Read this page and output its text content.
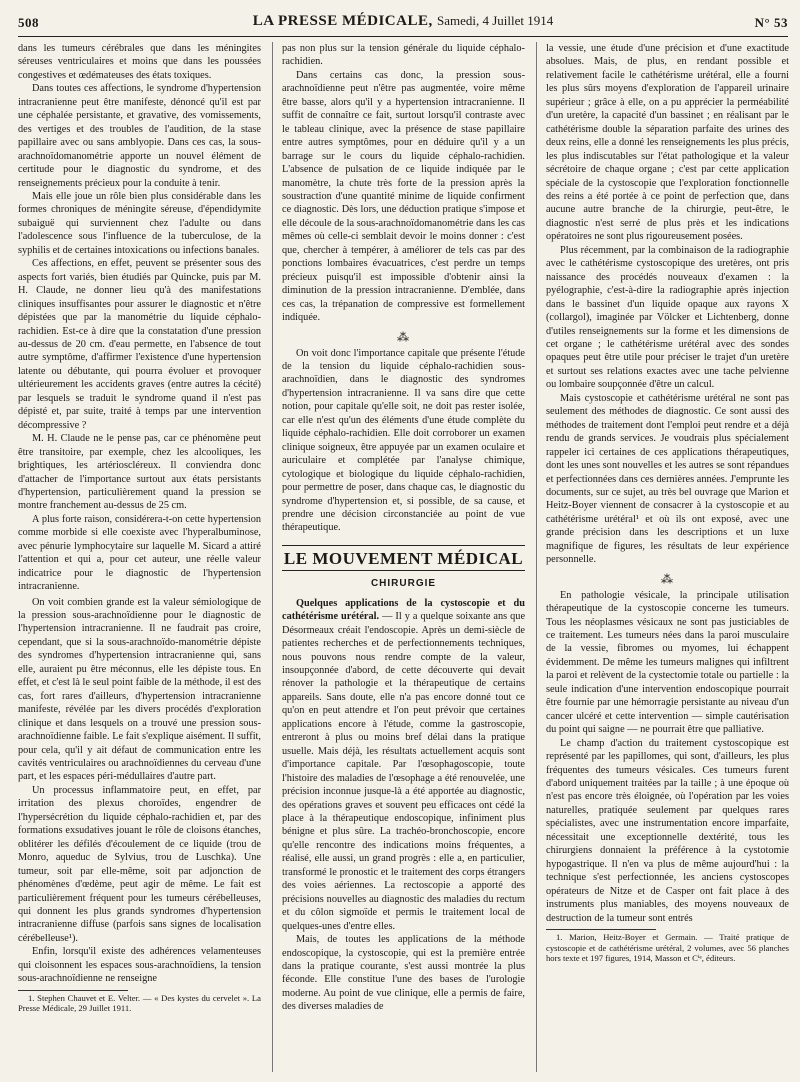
508	LA PRESSE MÉDICALE, Samedi, 4 Juillet 1914	N° 53

dans les tumeurs cérébrales que dans les méningites séreuses ventriculaires et moins que dans les poussées congestives et œdémateuses des états toxiques.

Dans toutes ces affections, le syndrome d'hypertension intracranienne peut être manifeste, dénoncé qu'il est par une céphalée persistante, et gravative, des vomissements, des vertiges et des troubles de l'audition, de la stase papillaire avec ou sans amblyopie. Dans ces cas, la sous-arachnoïdomanométrie apporte un nouvel élément de certitude pour le diagnostic du syndrome, et des renseignements précieux pour la conduite à tenir.

Mais elle joue un rôle bien plus considérable dans les formes chroniques de méningite séreuse, d'épendidymite subaiguë qui surviennent chez l'adulte ou dans l'adolescence sous l'influence de la tuberculose, de la syphilis et de certaines intoxications ou infections banales.

Ces affections, en effet, peuvent se présenter sous des aspects fort variés, bien étudiés par Quincke, puis par M. H. Claude, ne donner lieu qu'à des manifestations cliniques insuffisantes pour assurer le diagnostic et n'être dépistées que par la manométrie du liquide céphalo-rachidien. Est-ce à dire que la constatation d'une pression au-dessus de 20 cm. d'eau permette, en l'absence de tout autre symptôme, d'affirmer l'existence d'une hypertension latente ou débutante, qui pourra évoluer et provoquer ultérieurement les accidents graves (entre autres la cécité) par lesquels se traduit le syndrome quand il n'est pas dépisté et, par suite, traité à temps par une intervention décompressive ?

M. H. Claude ne le pense pas, car ce phénomène peut être transitoire, par exemple, chez les alcooliques, les brightiques, les artérioscléreux. Il conviendra donc d'attacher de l'importance surtout aux états persistants d'hypertension, particulièrement quand la pression se montre franchement au-dessus de 25 cm.

A plus forte raison, considérera-t-on cette hypertension comme morbide si elle coexiste avec l'hyperalbuminose, avec pénurie lymphocytaire sur laquelle M. Sicard a attiré l'attention et qui a, pour cet auteur, une réelle valeur indicatrice pour le diagnostic de l'hypertension intracranienne.

On voit combien grande est la valeur sémiologique de la pression sous-arachnoïdienne pour le diagnostic de l'hypertension intracranienne. Il ne faudrait pas croire, cependant, que si la sous-arachnoïdo-manométrie dépiste des syndromes d'hypertension intracranienne qui, sans elle, auraient pu être méconnus, elle les dépiste tous. En effet, et c'est là le seul point faible de la méthode, il est des cas, fort rares d'ailleurs, d'hypertension intracranienne manifeste, révélée par les divers procédés d'exploration clinique et dans lesquels on a trouvé une pression sous-arachnoïdienne faible. Le fait s'explique aisément. Il suffit, pour cela, qu'il y ait défaut de communication entre les cavités ventriculaires ou arachnoïdiennes du cerveau d'une part, et les espaces péri-médullaires d'autre part.

Un processus inflammatoire peut, en effet, par irritation des plexus choroïdes, engendrer de l'hypersécrétion du liquide céphalo-rachidien et, par des formations exsudatives jouant le rôle de cloisons étanches, oblitérer les défilés d'écoulement de ce liquide (trou de Monro, aqueduc de Sylvius, trou de Luschka). Une tumeur, soit par elle-même, soit par adjonction de phénomènes d'œdème, peut agir de même. Le fait est particulièrement fréquent pour les tumeurs cérébelleuses, qui donnent les plus grands syndromes d'hypertension intracranienne diffuse (parfois sans signes de localisation cérébelleuse¹).

Enfin, lorsqu'il existe des adhérences velamenteuses qui cloisonnent les espaces sous-arachnoïdiens, la tension sous-arachnoïdienne ne renseigne

1. Stephen Chauvet et E. Velter. — « Des kystes du cervelet ». La Presse Médicale, 29 Juillet 1911.

pas non plus sur la tension générale du liquide céphalo-rachidien.

Dans certains cas donc, la pression sous-arachnoïdienne peut n'être pas augmentée, voire même être basse, alors qu'il y a hypertension intracranienne. Il suffit de connaître ce fait, surtout lorsqu'il contraste avec le tableau clinique, avec la présence de stase papillaire entre autres symptômes, pour en déduire qu'il y a un barrage sur le cours du liquide céphalo-rachidien. L'absence de pulsation de ce liquide indiquée par le manomètre, la chute très forte de la pression après la soustraction d'une quantité minime de liquide confirment ce diagnostic. Dès lors, une déduction pratique s'impose et elle découle de la sous-arachnoïdomanométrie dans les cas mêmes où celle-ci semblait devoir le moins donner : c'est que, chercher à tempérer, à améliorer de tels cas par des ponctions lombaires évacuatrices, c'est perdre un temps précieux puisqu'il est impossible d'obtenir ainsi la diminution de la pression intracranienne. D'emblée, dans ces cas, la trépanation de compressive est formellement indiquée.

⁂

On voit donc l'importance capitale que présente l'étude de la tension du liquide céphalo-rachidien sous-arachnoïdien, dans le diagnostic des syndromes d'hypertension intracranienne. Il va sans dire que cette notion, pour capitale qu'elle soit, ne doit pas rester isolée, car elle n'est qu'un des éléments d'une étude complète du liquide céphalo-rachidien. Elle doit corroborer un examen clinique soigneux, être appuyée par un examen oculaire et auriculaire et complétée par l'analyse chimique, cytologique et biologique du liquide céphalo-rachidien, pour permettre de poser, dans chaque cas, le diagnostic du syndrome d'hypertension et, si possible, de sa cause, et prendre une décision circonstanciée au point de vue thérapeutique.

LE MOUVEMENT MÉDICAL
CHIRURGIE

Quelques applications de la cystoscopie et du cathétérisme urétéral. — Il y a quelque soixante ans que Désormeaux créait l'endoscopie. Après un demi-siècle de patientes recherches et de perfectionnements techniques, nous pouvons nous rendre compte de la valeur, insoupçonnée d'abord, de cette découverte qui devait rénover la pathologie et la thérapeutique de certains appareils. Sans doute, elle n'a pas encore donné tout ce qu'on en peut attendre et l'on peut prévoir que certaines applications encore à l'étude, comme la gastroscopie, entreront à plus ou moins bref délai dans la pratique usuelle. Mais déjà, les résultats actuellement acquis sont d'importance capitale. Par l'œsophagoscopie, toute l'histoire des maladies de l'œsophage a été renouvelée, une précision inconnue jusque-là a été apportée au diagnostic, des opérations graves et souvent peu efficaces ont cédé la place à la thérapeutique endoscopique, infiniment plus bénigne et plus sûre. La trachéo-bronchoscopie, encore qu'elle rencontre des indications moins fréquentes, a réalisé, elle aussi, un grand progrès : elle a, en particulier, transformé le pronostic et le traitement des corps étrangers des voies aériennes. La rectoscopie a apporté des précisions nouvelles au diagnostic des maladies du rectum et du côlon sigmoïde et permis le traitement local de quelques-unes d'entre elles.

Mais, de toutes les applications de la méthode endoscopique, la cystoscopie, qui est la première entrée dans la pratique courante, s'est aussi montrée la plus féconde. Elle constitue l'une des bases de l'urologie moderne. Au point de vue clinique, elle a permis de faire, des diverses maladies de

la vessie, une étude d'une précision et d'une exactitude absolues. Mais, de plus, en rendant possible et relativement facile le cathétérisme urétéral, elle a fourni les plus sûrs moyens d'exploration de l'appareil urinaire supérieur ; grâce à elle, on a pu apprécier la perméabilité d'un uretère, la capacité d'un bassinet ; en réalisant par le cathétérisme double la séparation parfaite des urines des deux reins, elle a donné les renseignements les plus précis, les plus indiscutables sur l'état pathologique et la valeur sécrétoire de chaque organe ; c'est par cette application spéciale de la cystoscopie que l'exploration fonctionnelle des reins a été portée à ce point de perfection que, dans aucune autre branche de la chirurgie, peut-être, le diagnostic n'est serré de plus près et les indications opératoires ne sont plus rigoureusement posées.

Plus récemment, par la combinaison de la radiographie avec le cathétérisme cystoscopique des uretères, ont pris naissance des procédés nouveaux d'examen : la pyélographie, c'est-à-dire la radiographie après injection dans le bassinet d'un liquide opaque aux rayons X (collargol), imaginée par Völcker et Lichtenberg, donne d'utiles renseignements sur la forme et les dimensions de cet organe ; le cathétérisme urétéral avec des sondes opaques peut être utile pour préciser le trajet d'un uretère et surtout ses relations exactes avec une tache pelvienne ou lombaire soupçonnée d'être un calcul.

Mais cystoscopie et cathétérisme urétéral ne sont pas seulement des méthodes de diagnostic. Ce sont aussi des méthodes de traitement dont l'emploi peut rendre et a déjà rendu de grands services. Je voudrais plus spécialement rappeler ici certaines de ces applications thérapeutiques, dont les unes sont nouvelles et les autres se sont répandues et perfectionnées dans ces dernières années. J'emprunte les documents, sur ce sujet, au très bel ouvrage que Marion et Heitz-Boyer viennent de consacrer à la cystoscopie et au cathétérisme urétéral¹ et où ils ont exposé, avec une grande précision dans les descriptions et un luxe magnifique de figures, les résultats de leur expérience personnelle.

⁂

En pathologie vésicale, la principale utilisation thérapeutique de la cystoscopie concerne les tumeurs. Tous les néoplasmes vésicaux ne sont pas justiciables de ce traitement. Les tumeurs nées dans la paroi musculaire de la vessie, fibromes ou myomes, lui échappent évidemment. De même les tumeurs malignes qui infiltrent la paroi et relèvent de la cystectomie totale ou partielle : la seule indication d'une intervention endoscopique pourrait être fournie par une hémorragie persistante au niveau d'un cancer ulcéré et cette intervention — simple cautérisation du point qui saigne — ne pourrait être que palliative.

Le champ d'action du traitement cystoscopique est représenté par les papillomes, qui sont, d'ailleurs, les plus fréquentes des tumeurs vésicales. Ces tumeurs furent d'abord uniquement traitées par la taille ; à une époque où n'est pas encore très éloignée, où l'opération par les voies naturelles, pratiquée seulement par quelques rares spécialistes, avec une instrumentation encore imparfaite, nécessitait une exceptionnelle dextérité, tous les chirurgiens donnaient la préférence à la cystotomie hypogastrique. Il n'en va plus de même aujourd'hui : la technique s'est perfectionnée, les anciens cystoscopes opérateurs de Nitze et de Casper ont fait place à des instruments plus maniables, des moyens nouveaux de destruction de la tumeur sont entrés

1. Marion, Heitz-Boyer et Germain. — Traité pratique de cystoscopie et de cathétérisme urétéral, 2 volumes, avec 56 planches hors texte et 197 figures, 1914, Masson et Cⁱᵉ, éditeurs.
